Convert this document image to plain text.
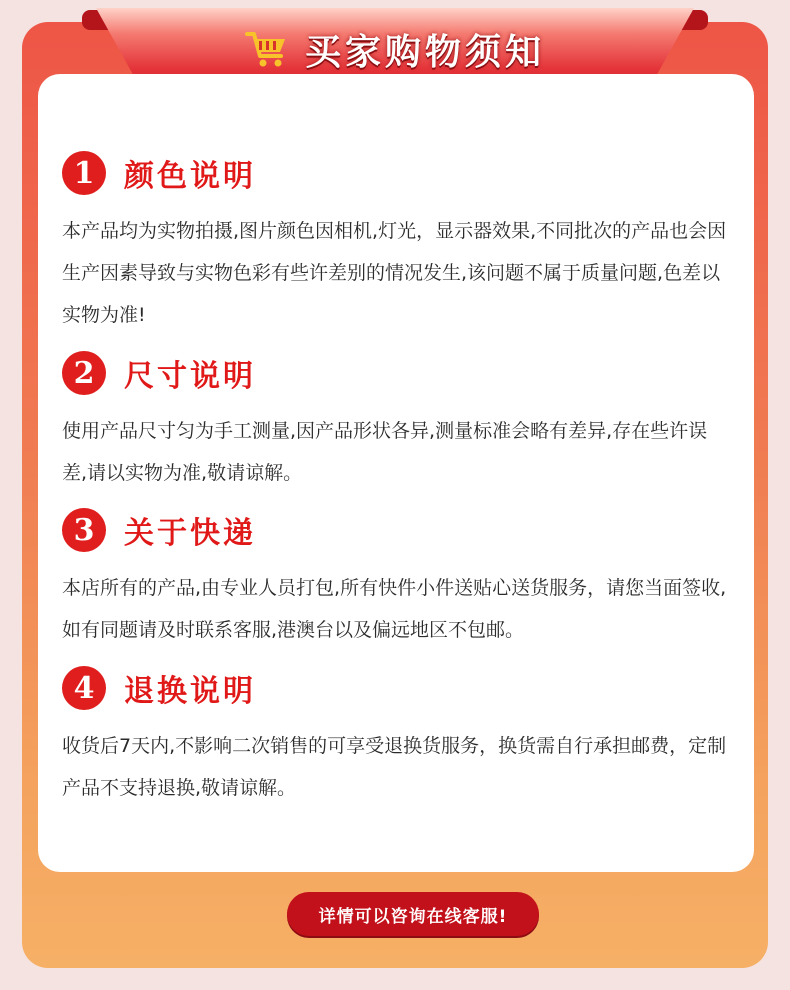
买家购物须知
1 颜色说明
本产品均为实物拍摄,图片颜色因相机,灯光，显示器效果,不同批次的产品也会因生产因素导致与实物色彩有些许差别的情况发生,该问题不属于质量问题,色差以实物为准!
2 尺寸说明
使用产品尺寸匀为手工测量,因产品形状各异,测量标准会略有差异,存在些许误差,请以实物为准,敬请谅解。
3 关于快递
本店所有的产品,由专业人员打包,所有快件小件送贴心送货服务，请您当面签收,如有同题请及时联系客服,港澳台以及偏远地区不包邮。
4 退换说明
收货后7天内,不影响二次销售的可享受退换货服务，换货需自行承担邮费，定制产品不支持退换,敬请谅解。
详情可以咨询在线客服!
